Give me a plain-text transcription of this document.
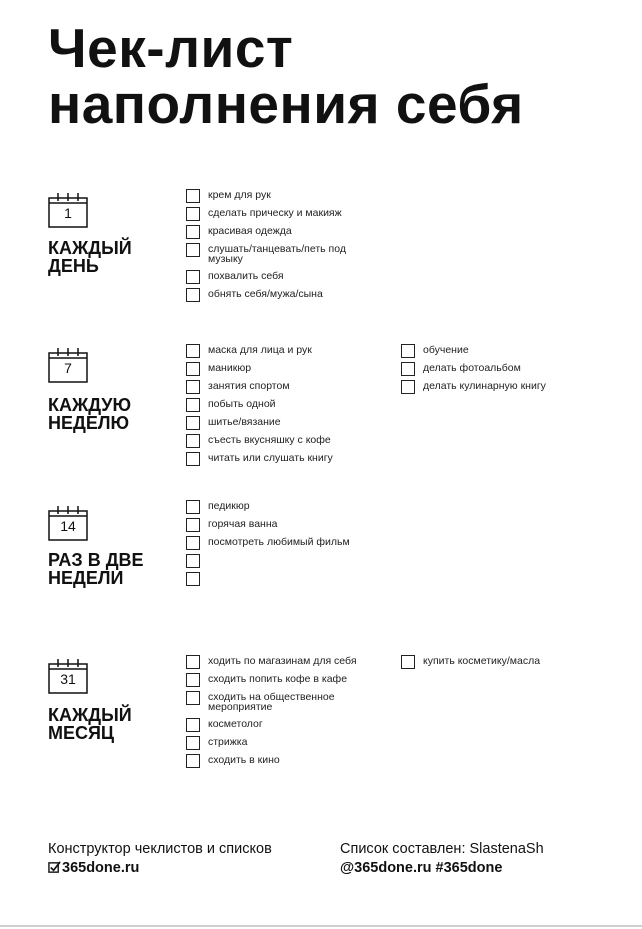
Чек-лист
наполнения себя
1
КАЖДЫЙ
ДЕНЬ
крем для рук
сделать прическу и макияж
красивая одежда
слушать/танцевать/петь под музыку
похвалить себя
обнять себя/мужа/сына
7
КАЖДУЮ
НЕДЕЛЮ
маска для лица и рук
маникюр
занятия спортом
побыть одной
шитье/вязание
съесть вкусняшку с кофе
читать или слушать книгу
обучение
делать фотоальбом
делать кулинарную книгу
14
РАЗ В ДВЕ
НЕДЕЛИ
педикюр
горячая ванна
посмотреть любимый фильм
31
КАЖДЫЙ
МЕСЯЦ
ходить по магазинам для себя
сходить попить кофе в кафе
сходить на общественное мероприятие
косметолог
стрижка
сходить в кино
купить косметику/масла
Конструктор чеклистов и списков
365done.ru
Список составлен: SlastenaSh
@365done.ru #365done
